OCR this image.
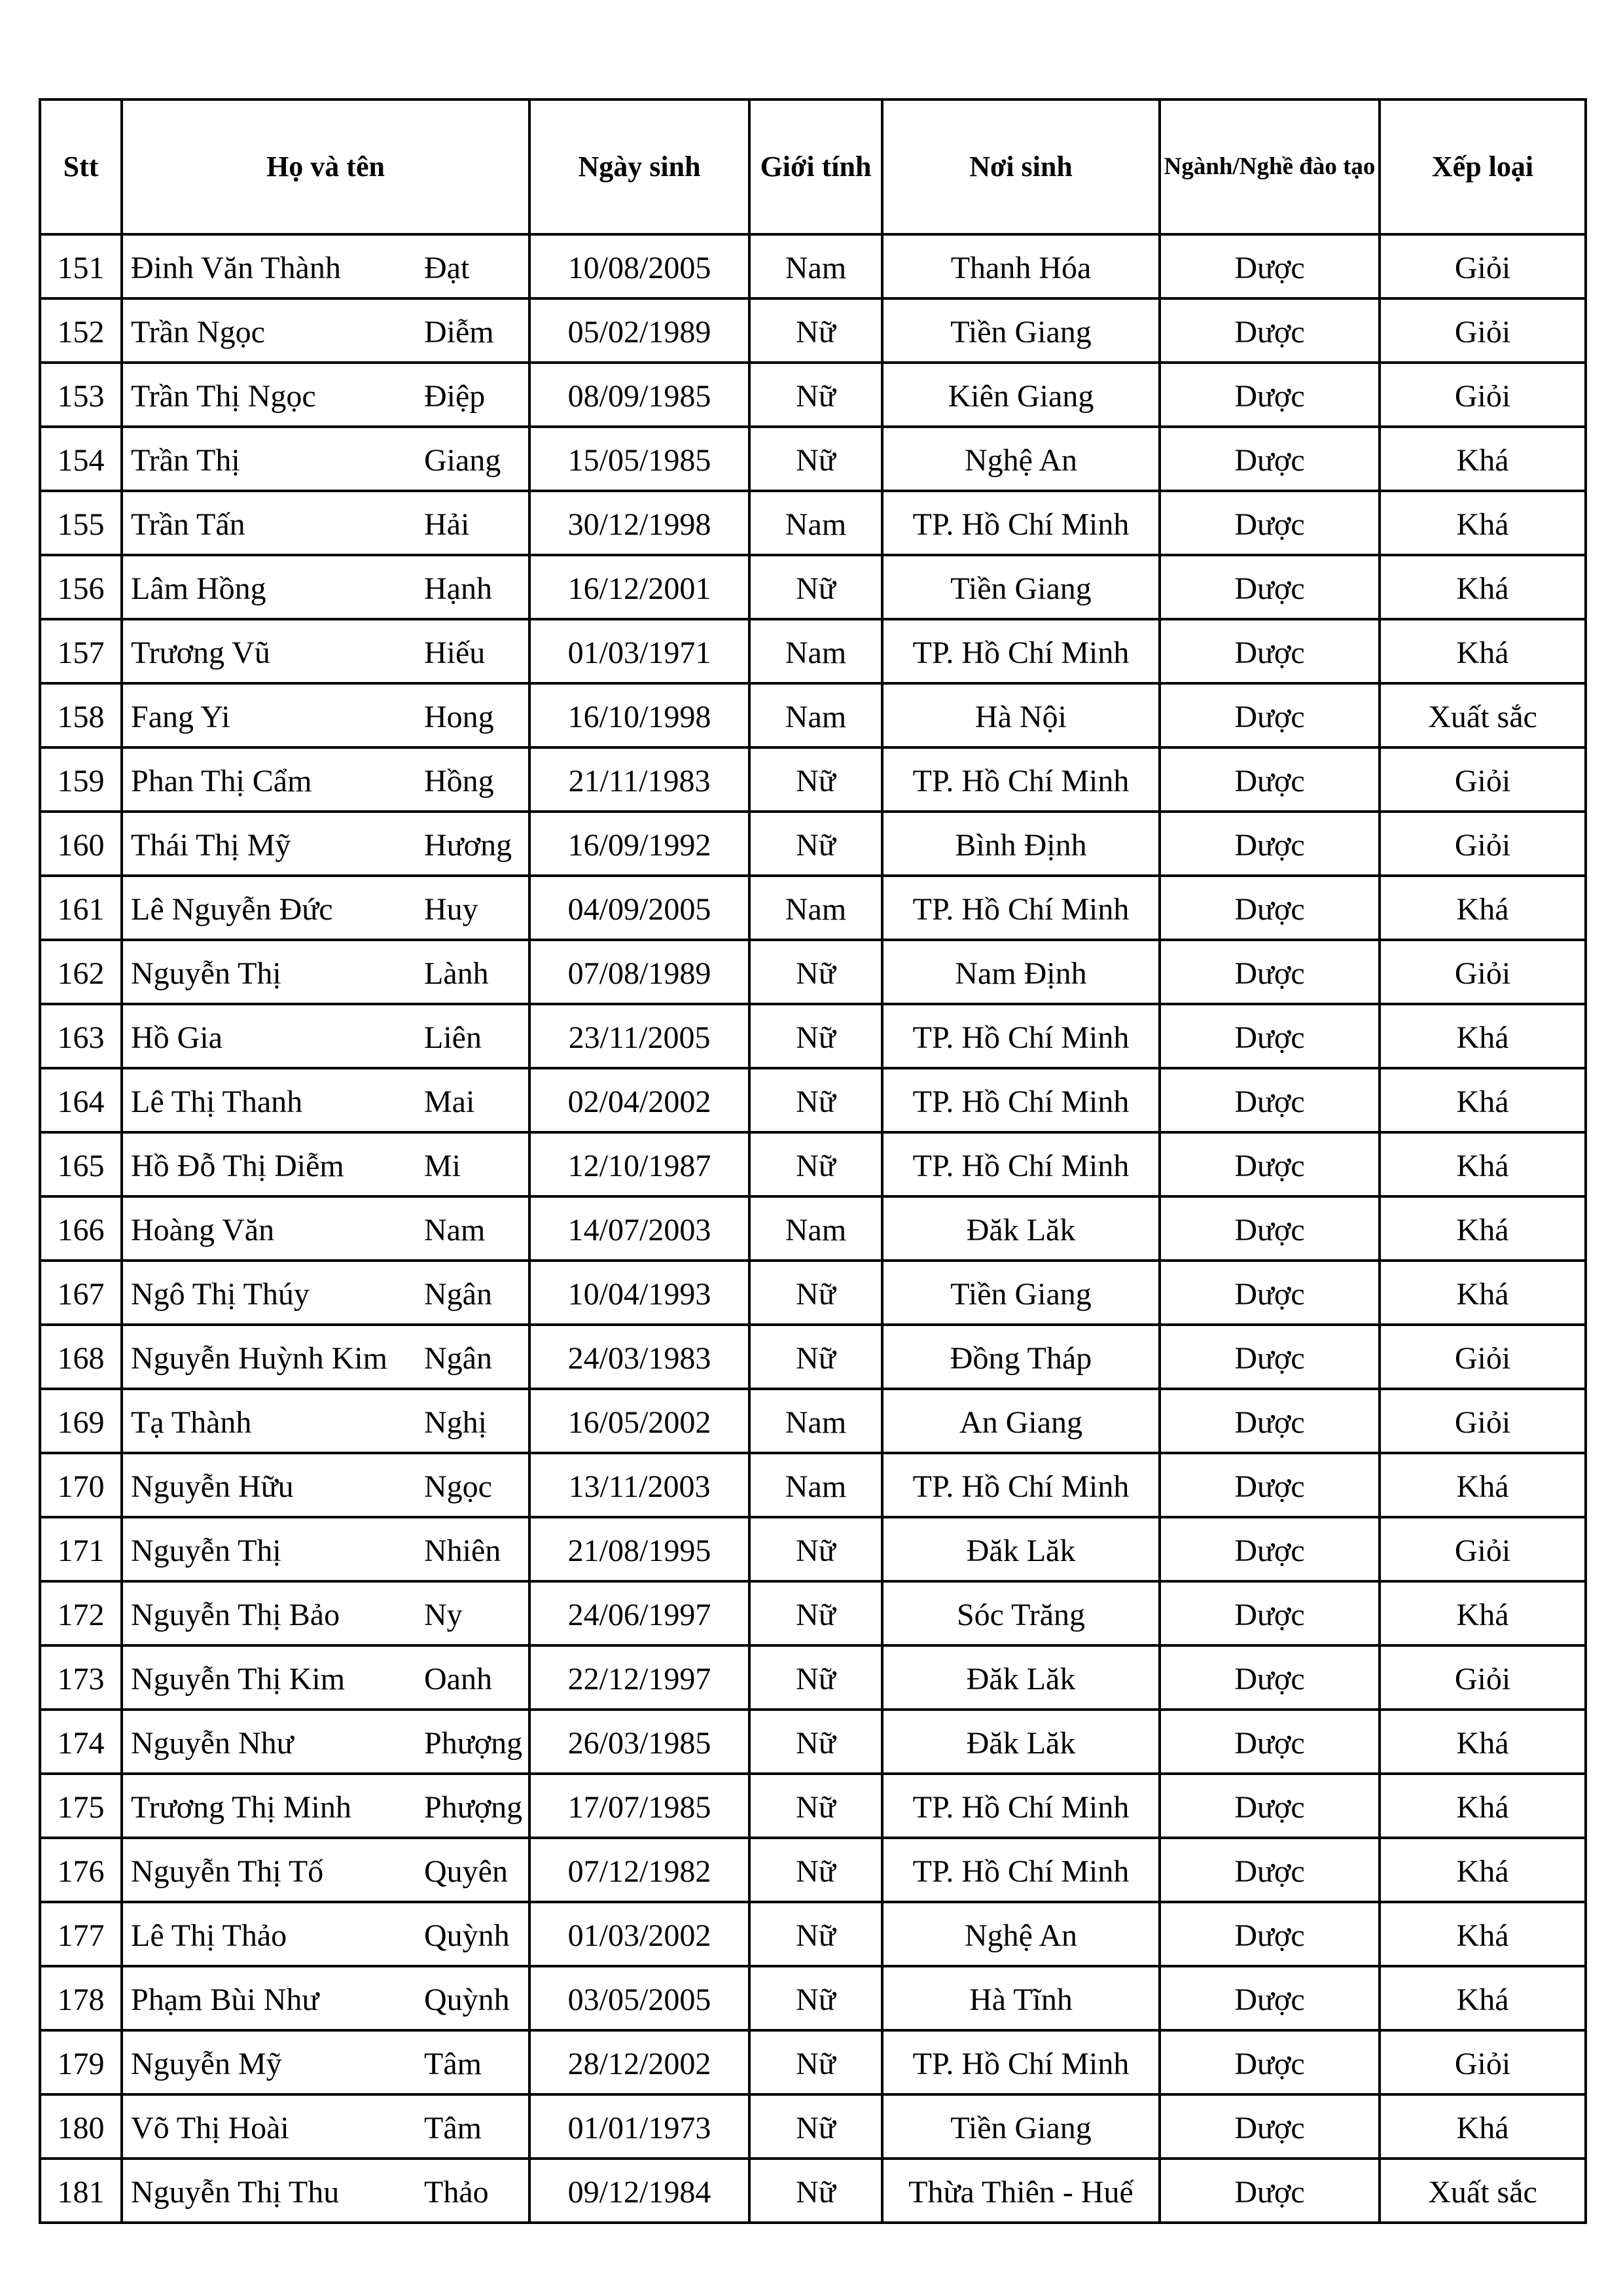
Stt	Họ và tên		Ngày sinh	Giới tính	Nơi sinh	Ngành/Nghề đào tạo	Xếp loại
151	Đinh Văn Thành	Đạt	10/08/2005	Nam	Thanh Hóa	Dược	Giỏi
152	Trần Ngọc	Diễm	05/02/1989	Nữ	Tiền Giang	Dược	Giỏi
153	Trần Thị Ngọc	Điệp	08/09/1985	Nữ	Kiên Giang	Dược	Giỏi
154	Trần Thị	Giang	15/05/1985	Nữ	Nghệ An	Dược	Khá
155	Trần Tấn	Hải	30/12/1998	Nam	TP. Hồ Chí Minh	Dược	Khá
156	Lâm Hồng	Hạnh	16/12/2001	Nữ	Tiền Giang	Dược	Khá
157	Trương Vũ	Hiếu	01/03/1971	Nam	TP. Hồ Chí Minh	Dược	Khá
158	Fang Yi	Hong	16/10/1998	Nam	Hà Nội	Dược	Xuất sắc
159	Phan Thị Cẩm	Hồng	21/11/1983	Nữ	TP. Hồ Chí Minh	Dược	Giỏi
160	Thái Thị Mỹ	Hương	16/09/1992	Nữ	Bình Định	Dược	Giỏi
161	Lê Nguyễn Đức	Huy	04/09/2005	Nam	TP. Hồ Chí Minh	Dược	Khá
162	Nguyễn Thị	Lành	07/08/1989	Nữ	Nam Định	Dược	Giỏi
163	Hồ Gia	Liên	23/11/2005	Nữ	TP. Hồ Chí Minh	Dược	Khá
164	Lê Thị Thanh	Mai	02/04/2002	Nữ	TP. Hồ Chí Minh	Dược	Khá
165	Hồ Đỗ Thị Diễm	Mi	12/10/1987	Nữ	TP. Hồ Chí Minh	Dược	Khá
166	Hoàng Văn	Nam	14/07/2003	Nam	Đăk Lăk	Dược	Khá
167	Ngô Thị Thúy	Ngân	10/04/1993	Nữ	Tiền Giang	Dược	Khá
168	Nguyễn Huỳnh Kim	Ngân	24/03/1983	Nữ	Đồng Tháp	Dược	Giỏi
169	Tạ Thành	Nghị	16/05/2002	Nam	An Giang	Dược	Giỏi
170	Nguyễn Hữu	Ngọc	13/11/2003	Nam	TP. Hồ Chí Minh	Dược	Khá
171	Nguyễn Thị	Nhiên	21/08/1995	Nữ	Đăk Lăk	Dược	Giỏi
172	Nguyễn Thị Bảo	Ny	24/06/1997	Nữ	Sóc Trăng	Dược	Khá
173	Nguyễn Thị Kim	Oanh	22/12/1997	Nữ	Đăk Lăk	Dược	Giỏi
174	Nguyễn Như	Phượng	26/03/1985	Nữ	Đăk Lăk	Dược	Khá
175	Trương Thị Minh	Phượng	17/07/1985	Nữ	TP. Hồ Chí Minh	Dược	Khá
176	Nguyễn Thị Tố	Quyên	07/12/1982	Nữ	TP. Hồ Chí Minh	Dược	Khá
177	Lê Thị Thảo	Quỳnh	01/03/2002	Nữ	Nghệ An	Dược	Khá
178	Phạm Bùi Như	Quỳnh	03/05/2005	Nữ	Hà Tĩnh	Dược	Khá
179	Nguyễn Mỹ	Tâm	28/12/2002	Nữ	TP. Hồ Chí Minh	Dược	Giỏi
180	Võ Thị Hoài	Tâm	01/01/1973	Nữ	Tiền Giang	Dược	Khá
181	Nguyễn Thị Thu	Thảo	09/12/1984	Nữ	Thừa Thiên - Huế	Dược	Xuất sắc
